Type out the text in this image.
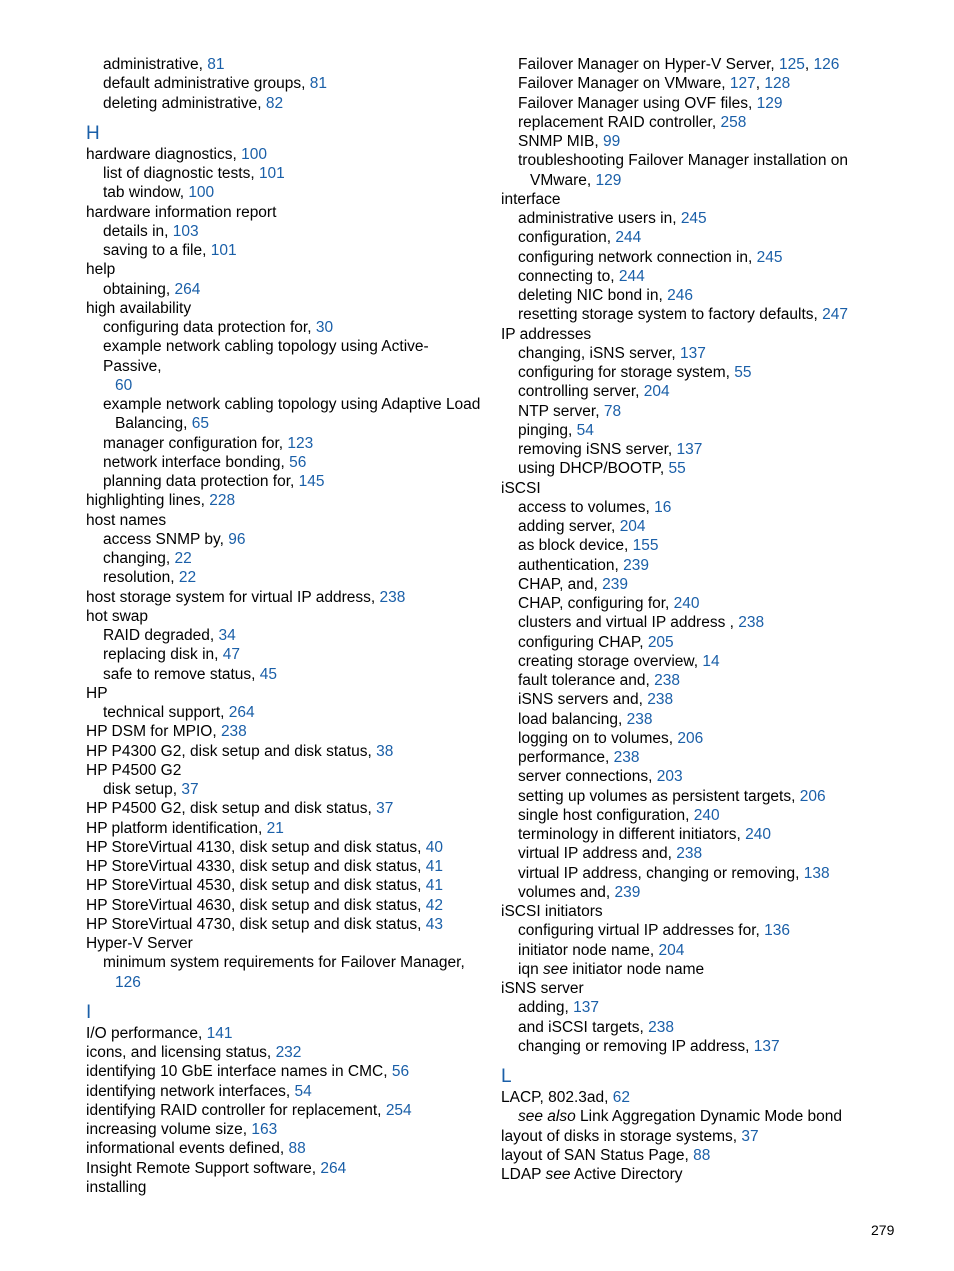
administrative, 81
default administrative groups, 81
deleting administrative, 82
H
hardware diagnostics, 100
list of diagnostic tests, 101
tab window, 100
hardware information report
details in, 103
saving to a file, 101
help
obtaining, 264
high availability
configuring data protection for, 30
example network cabling topology using Active-Passive,
60
example network cabling topology using Adaptive Load
Balancing, 65
manager configuration for, 123
network interface bonding, 56
planning data protection for, 145
highlighting lines, 228
host names
access SNMP by, 96
changing, 22
resolution, 22
host storage system for virtual IP address, 238
hot swap
RAID degraded, 34
replacing disk in, 47
safe to remove status, 45
HP
technical support, 264
HP DSM for MPIO, 238
HP P4300 G2, disk setup and disk status, 38
HP P4500 G2
disk setup, 37
HP P4500 G2, disk setup and disk status, 37
HP platform identification, 21
HP StoreVirtual 4130, disk setup and disk status, 40
HP StoreVirtual 4330, disk setup and disk status, 41
HP StoreVirtual 4530, disk setup and disk status, 41
HP StoreVirtual 4630, disk setup and disk status, 42
HP StoreVirtual 4730, disk setup and disk status, 43
Hyper-V Server
minimum system requirements for Failover Manager,
126
I
I/O performance, 141
icons, and licensing status, 232
identifying 10 GbE interface names in CMC, 56
identifying network interfaces, 54
identifying RAID controller for replacement, 254
increasing volume size, 163
informational events defined, 88
Insight Remote Support software, 264
installing
Failover Manager on Hyper-V Server, 125, 126
Failover Manager on VMware, 127, 128
Failover Manager using OVF files, 129
replacement RAID controller, 258
SNMP MIB, 99
troubleshooting Failover Manager installation on
VMware, 129
interface
administrative users in, 245
configuration, 244
configuring network connection in, 245
connecting to, 244
deleting NIC bond in, 246
resetting storage system to factory defaults, 247
IP addresses
changing, iSNS server, 137
configuring for storage system, 55
controlling server, 204
NTP server, 78
pinging, 54
removing iSNS server, 137
using DHCP/BOOTP, 55
iSCSI
access to volumes, 16
adding server, 204
as block device, 155
authentication, 239
CHAP, and, 239
CHAP, configuring for, 240
clusters and virtual IP address , 238
configuring CHAP, 205
creating storage overview, 14
fault tolerance and, 238
iSNS servers and, 238
load balancing, 238
logging on to volumes, 206
performance, 238
server connections, 203
setting up volumes as persistent targets, 206
single host configuration, 240
terminology in different initiators, 240
virtual IP address and, 238
virtual IP address, changing or removing, 138
volumes and, 239
iSCSI initiators
configuring virtual IP addresses for, 136
initiator node name, 204
iqn see initiator node name
iSNS server
adding, 137
and iSCSI targets, 238
changing or removing IP address, 137
L
LACP, 802.3ad, 62
see also Link Aggregation Dynamic Mode bond
layout of disks in storage systems, 37
layout of SAN Status Page, 88
LDAP see Active Directory
279
